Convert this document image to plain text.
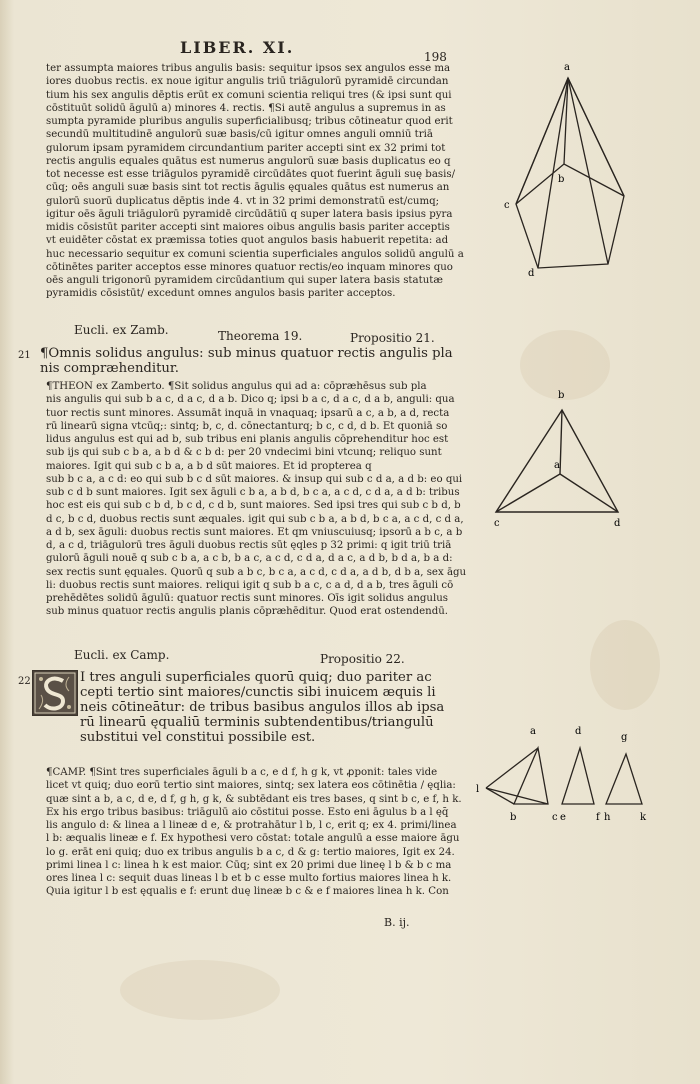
LIBER. XI.	198
ter assumpta maiores tribus angulis basis: sequitur ipsos sex angulos esse ma
iores duobus rectis. ex noue igitur angulis triū triāgulorū pyramidē circundan
tium his sex angulis dēptis erūt ex comuni scientia reliqui tres (& ipsi sunt qui
cōstituūt solidū āgulū a) minores 4. rectis. ¶Si autē angulus a supremus in as
sumpta pyramide pluribus angulis superficialibusq; tribus cōtineatur quod erit
secundū multitudinē angulorū suæ basis/cū igitur omnes anguli omniū triā
gulorum ipsam pyramidem circundantium pariter accepti sint ex 32 primi tot
rectis angulis equales quātus est numerus angulorū suæ basis duplicatus eo q
tot necesse est esse triāgulos pyramidē circūdātes quot fuerint āguli suę basis/
cūq; oēs anguli suæ basis sint tot rectis āgulis ęquales quātus est numerus an
gulorū suorū duplicatus dēptis inde 4. vt in 32 primi demonstratū est/cumq;
igitur oēs āguli triāgulorū pyramidē circūdātiū q super latera basis ipsius pyra
midis cōsistūt pariter accepti sint maiores oibus angulis basis pariter acceptis
vt euidēter cōstat ex præmissa toties quot angulos basis habuerit repetita: ad
huc necessario sequitur ex comuni scientia superficiales angulos solidū angulū a
cōtinētes pariter acceptos esse minores quatuor rectis/eo inquam minores quo
oēs anguli trigonorū pyramidem circūdantium qui super latera basis statutæ
pyramidis cōsistūt/ excedunt omnes angulos basis pariter acceptos.
Eucli. ex Zamb.	Theorema 19.	Propositio 21.
21 ¶Omnis solidus angulus: sub minus quatuor rectis angulis pla
nis compræhenditur.
¶THEON ex Zamberto. ¶Sit solidus angulus qui ad a: cōpræhēsus sub pla
nis angulis qui sub b a c, d a c, d a b. Dico q; ipsi b a c, d a c, d a b, anguli: qua
tuor rectis sunt minores. Assumāt inquā in vnaquaq; ipsarū a c, a b, a d, recta
rū linearū signa vtcūq;: sintq; b, c, d. cōnectanturq; b c, c d, d b. Et quoniā so
lidus angulus est qui ad b, sub tribus eni planis angulis cōprehenditur hoc est
sub ijs qui sub c b a, a b d & c b d: per 20 vndecimi bini vtcunq; reliquo sunt
maiores. Igit qui sub c b a, a b d sūt maiores. Et id propterea q
sub b c a, a c d: eo qui sub b c d sūt maiores. & insup qui sub c d a, a d b: eo qui
sub c d b sunt maiores. Igit sex āguli c b a, a b d, b c a, a c d, c d a, a d b: tribus
hoc est eis qui sub c b d, b c d, c d b, sunt maiores. Sed ipsi tres qui sub c b d, b
d c, b c d, duobus rectis sunt æquales. igit qui sub c b a, a b d, b c a, a c d, c d a,
a d b, sex āguli: duobus rectis sunt maiores. Et qm vniuscuiusq; ipsorū a b c, a b
d, a c d, triāgulorū tres āguli duobus rectis sūt ęqles p 32 primi: q igit triū triā
gulorū āguli nouē q sub c b a, a c b, b a c, a c d, c d a, d a c, a d b, b d a, b a d:
sex rectis sunt ęquales. Quorū q sub a b c, b c a, a c d, c d a, a d b, d b a, sex āgu
li: duobus rectis sunt maiores. reliqui igit q sub b a c, c a d, d a b, tres āguli cō
prehēdētes solidū āgulū: quatuor rectis sunt minores. Oīs igit solidus angulus
sub minus quatuor rectis angulis planis cōpræhēditur. Quod erat ostendendū.
Eucli. ex Camp.	Propositio 22.
22	I tres anguli superficiales quorū quiq; duo pariter ac
cepti tertio sint maiores/cunctis sibi inuicem æquis li
neis cōtineātur: de tribus basibus angulos illos ab ipsa
rū linearū ęqualiū terminis subtendentibus/triangulū
substitui vel constitui possibile est.
¶CAMP. ¶Sint tres superficiales āguli b a c, e d f, h g k, vt ꝓponit: tales vide
licet vt quiq; duo eorū tertio sint maiores, sintq; sex latera eos cōtinētia / ęqlia:
quæ sint a b, a c, d e, d f, g h, g k, & subtēdant eis tres bases, q sint b c, e f, h k.
Ex his ergo tribus basibus: triāgulū aio cōstitui posse. Esto eni āgulus b a l ęq̄
lis angulo d: & linea a l lineæ d e, & protrahātur l b, l c, erit q; ex 4. primi/linea
l b: æqualis lineæ e f. Ex hypothesi vero cōstat: totale angulū a esse maiore āgu
lo g. erāt eni quiq; duo ex tribus angulis b a c, d & g: tertio maiores, Igit ex 24.
primi linea l c: linea h k est maior. Cūq; sint ex 20 primi due lineę l b & b c ma
ores linea l c: sequit duas lineas l b et b c esse multo fortius maiores linea h k.
Quia igitur l b est ęqualis e f: erunt duę lineæ b c & e f maiores linea h k. Con
B. ij.
a
b
c
d
b
a
c	d
a	d
g
l
b	c e	f h	k
